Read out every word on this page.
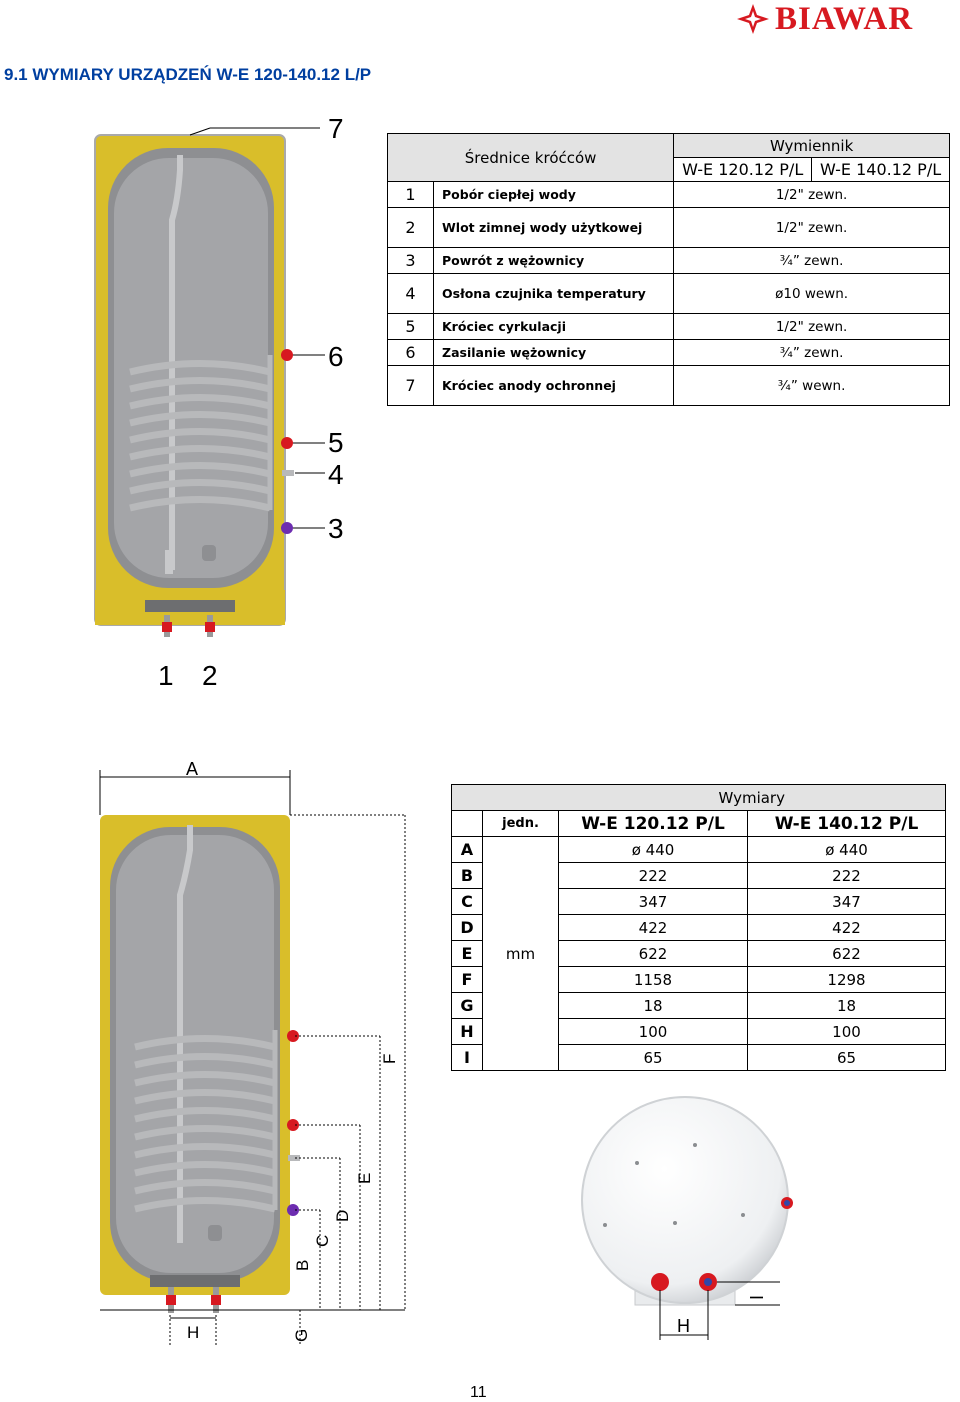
BIAWAR
9.1 WYMIARY URZĄDZEŃ W-E 120-140.12 L/P
7
6
5
4
3
1 2
Średnice króćców		Wymiennik	
		W-E 120.12 P/L	W-E 140.12 P/L
1	Pobór ciepłej wody	1/2" zewn.	
2	Wlot zimnej wody użytkowej	1/2" zewn.	
3	Powrót z wężownicy	¾” zewn.	
4	Osłona czujnika temperatury	ø10 wewn.	
5	Króciec cyrkulacji	1/2" zewn.	
6	Zasilanie wężownicy	¾” zewn.	
7	Króciec anody ochronnej	¾” wewn.	
A
F
E
D
C
B
G
H
		Wymiary	
	jedn.	W-E 120.12 P/L	W-E 140.12 P/L
A	mm	ø 440	ø 440
B		222	222
C		347	347
D		422	422
E		622	622
F		1158	1298
G		18	18
H		100	100
I		65	65
H
I
11
